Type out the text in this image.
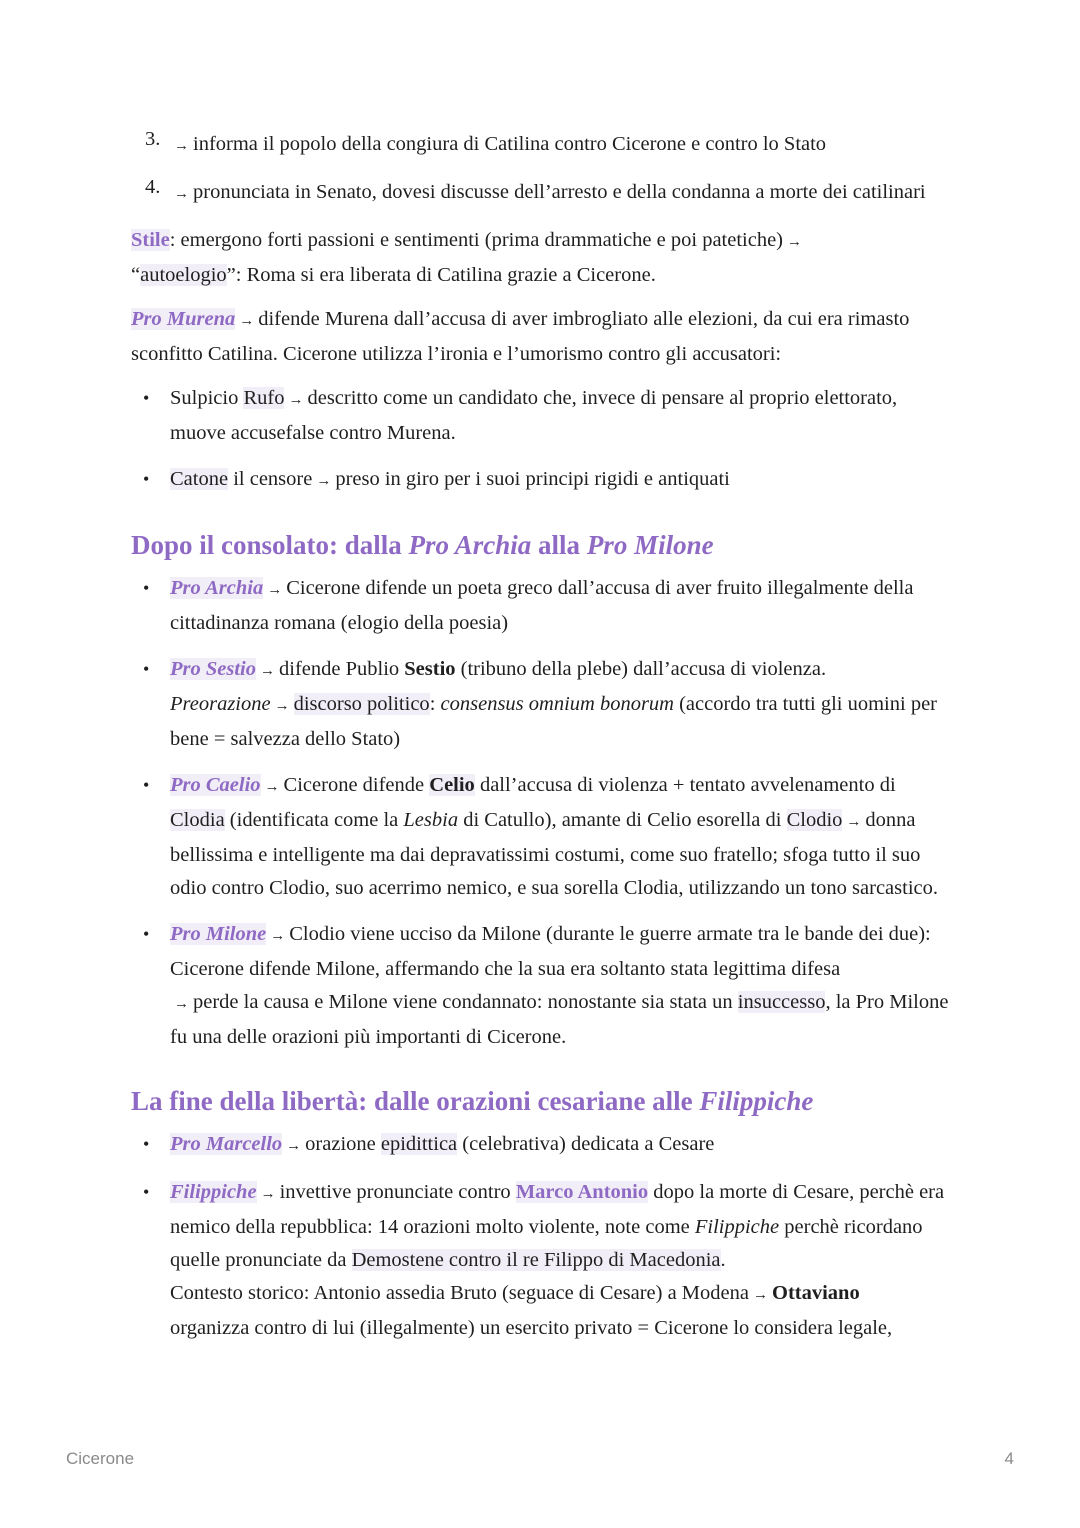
3. → informa il popolo della congiura di Catilina contro Cicerone e contro lo Stato

4. → pronunciata in Senato, dovesi discusse dell’arresto e della condanna a morte dei catilinari

Stile: emergono forti passioni e sentimenti (prima drammatiche e poi patetiche) →
“autoelogio”: Roma si era liberata di Catilina grazie a Cicerone.

Pro Murena → difende Murena dall’accusa di aver imbrogliato alle elezioni, da cui era rimasto sconfitto Catilina. Cicerone utilizza l’ironia e l’umorismo contro gli accusatori:

•	Sulpicio Rufo → descritto come un candidato che, invece di pensare al proprio elettorato, muove accusefalse contro Murena.

•	Catone il censore → preso in giro per i suoi principi rigidi e antiquati

Dopo il consolato: dalla Pro Archia alla Pro Milone
•	Pro Archia → Cicerone difende un poeta greco dall’accusa di aver fruito illegalmente della cittadinanza romana (elogio della poesia)

•	Pro Sestio → difende Publio Sestio (tribuno della plebe) dall’accusa di violenza.
Preorazione → discorso politico: consensus omnium bonorum (accordo tra tutti gli uomini per bene = salvezza dello Stato)

•	Pro Caelio → Cicerone difende Celio dall’accusa di violenza + tentato avvelenamento di Clodia (identificata come la Lesbia di Catullo), amante di Celio esorella di Clodio → donna bellissima e intelligente ma dai depravatissimi costumi, come suo fratello; sfoga tutto il suo odio contro Clodio, suo acerrimo nemico, e sua sorella Clodia, utilizzando un tono sarcastico.

•	Pro Milone → Clodio viene ucciso da Milone (durante le guerre armate tra le bande dei due): Cicerone difende Milone, affermando che la sua era soltanto stata legittima difesa
→ perde la causa e Milone viene condannato: nonostante sia stata un insuccesso, la Pro Milone fu una delle orazioni più importanti di Cicerone.

La fine della libertà: dalle orazioni cesariane alle Filippiche
•	Pro Marcello → orazione epidittica (celebrativa) dedicata a Cesare

•	Filippiche → invettive pronunciate contro Marco Antonio dopo la morte di Cesare, perchè era nemico della repubblica: 14 orazioni molto violente, note come Filippiche perchè ricordano quelle pronunciate da Demostene contro il re Filippo di Macedonia.

Contesto storico: Antonio assedia Bruto (seguace di Cesare) a Modena → Ottaviano
organizza contro di lui (illegalmente) un esercito privato = Cicerone lo considera legale,

Cicerone	4
